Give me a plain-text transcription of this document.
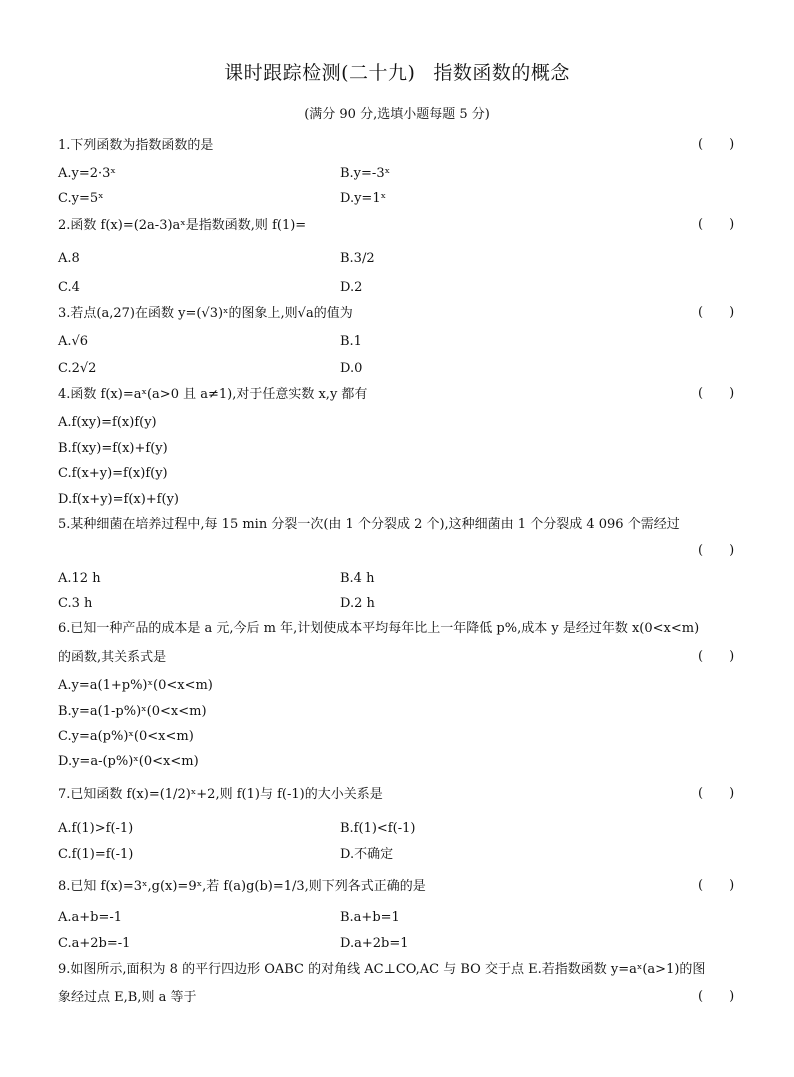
课时跟踪检测(二十九) 指数函数的概念
(满分 90 分,选填小题每题 5 分)
1.下列函数为指数函数的是	(  )
A.y=2·3ˣ	B.y=-3ˣ
C.y=5ˣ	D.y=1ˣ
2.函数 f(x)=(2a-3)aˣ是指数函数,则 f(1)=	(  )
A.8	B.3/2
C.4	D.2
3.若点(a,27)在函数 y=(√3)ˣ的图象上,则√a的值为	(  )
A.√6	B.1
C.2√2	D.0
4.函数 f(x)=aˣ(a>0 且 a≠1),对于任意实数 x,y 都有	(  )
A.f(xy)=f(x)f(y)
B.f(xy)=f(x)+f(y)
C.f(x+y)=f(x)f(y)
D.f(x+y)=f(x)+f(y)
5.某种细菌在培养过程中,每 15 min 分裂一次(由 1 个分裂成 2 个),这种细菌由 1 个分裂成 4 096 个需经过
(  )
A.12 h	B.4 h
C.3 h	D.2 h
6.已知一种产品的成本是 a 元,今后 m 年,计划使成本平均每年比上一年降低 p%,成本 y 是经过年数 x(0<x<m)
的函数,其关系式是	(  )
A.y=a(1+p%)ˣ(0<x<m)
B.y=a(1-p%)ˣ(0<x<m)
C.y=a(p%)ˣ(0<x<m)
D.y=a-(p%)ˣ(0<x<m)
7.已知函数 f(x)=(1/2)ˣ+2,则 f(1)与 f(-1)的大小关系是	(  )
A.f(1)>f(-1)	B.f(1)<f(-1)
C.f(1)=f(-1)	D.不确定
8.已知 f(x)=3ˣ,g(x)=9ˣ,若 f(a)g(b)=1/3,则下列各式正确的是	(  )
A.a+b=-1	B.a+b=1
C.a+2b=-1	D.a+2b=1
9.如图所示,面积为 8 的平行四边形 OABC 的对角线 AC⊥CO,AC 与 BO 交于点 E.若指数函数 y=aˣ(a>1)的图
象经过点 E,B,则 a 等于	(  )
